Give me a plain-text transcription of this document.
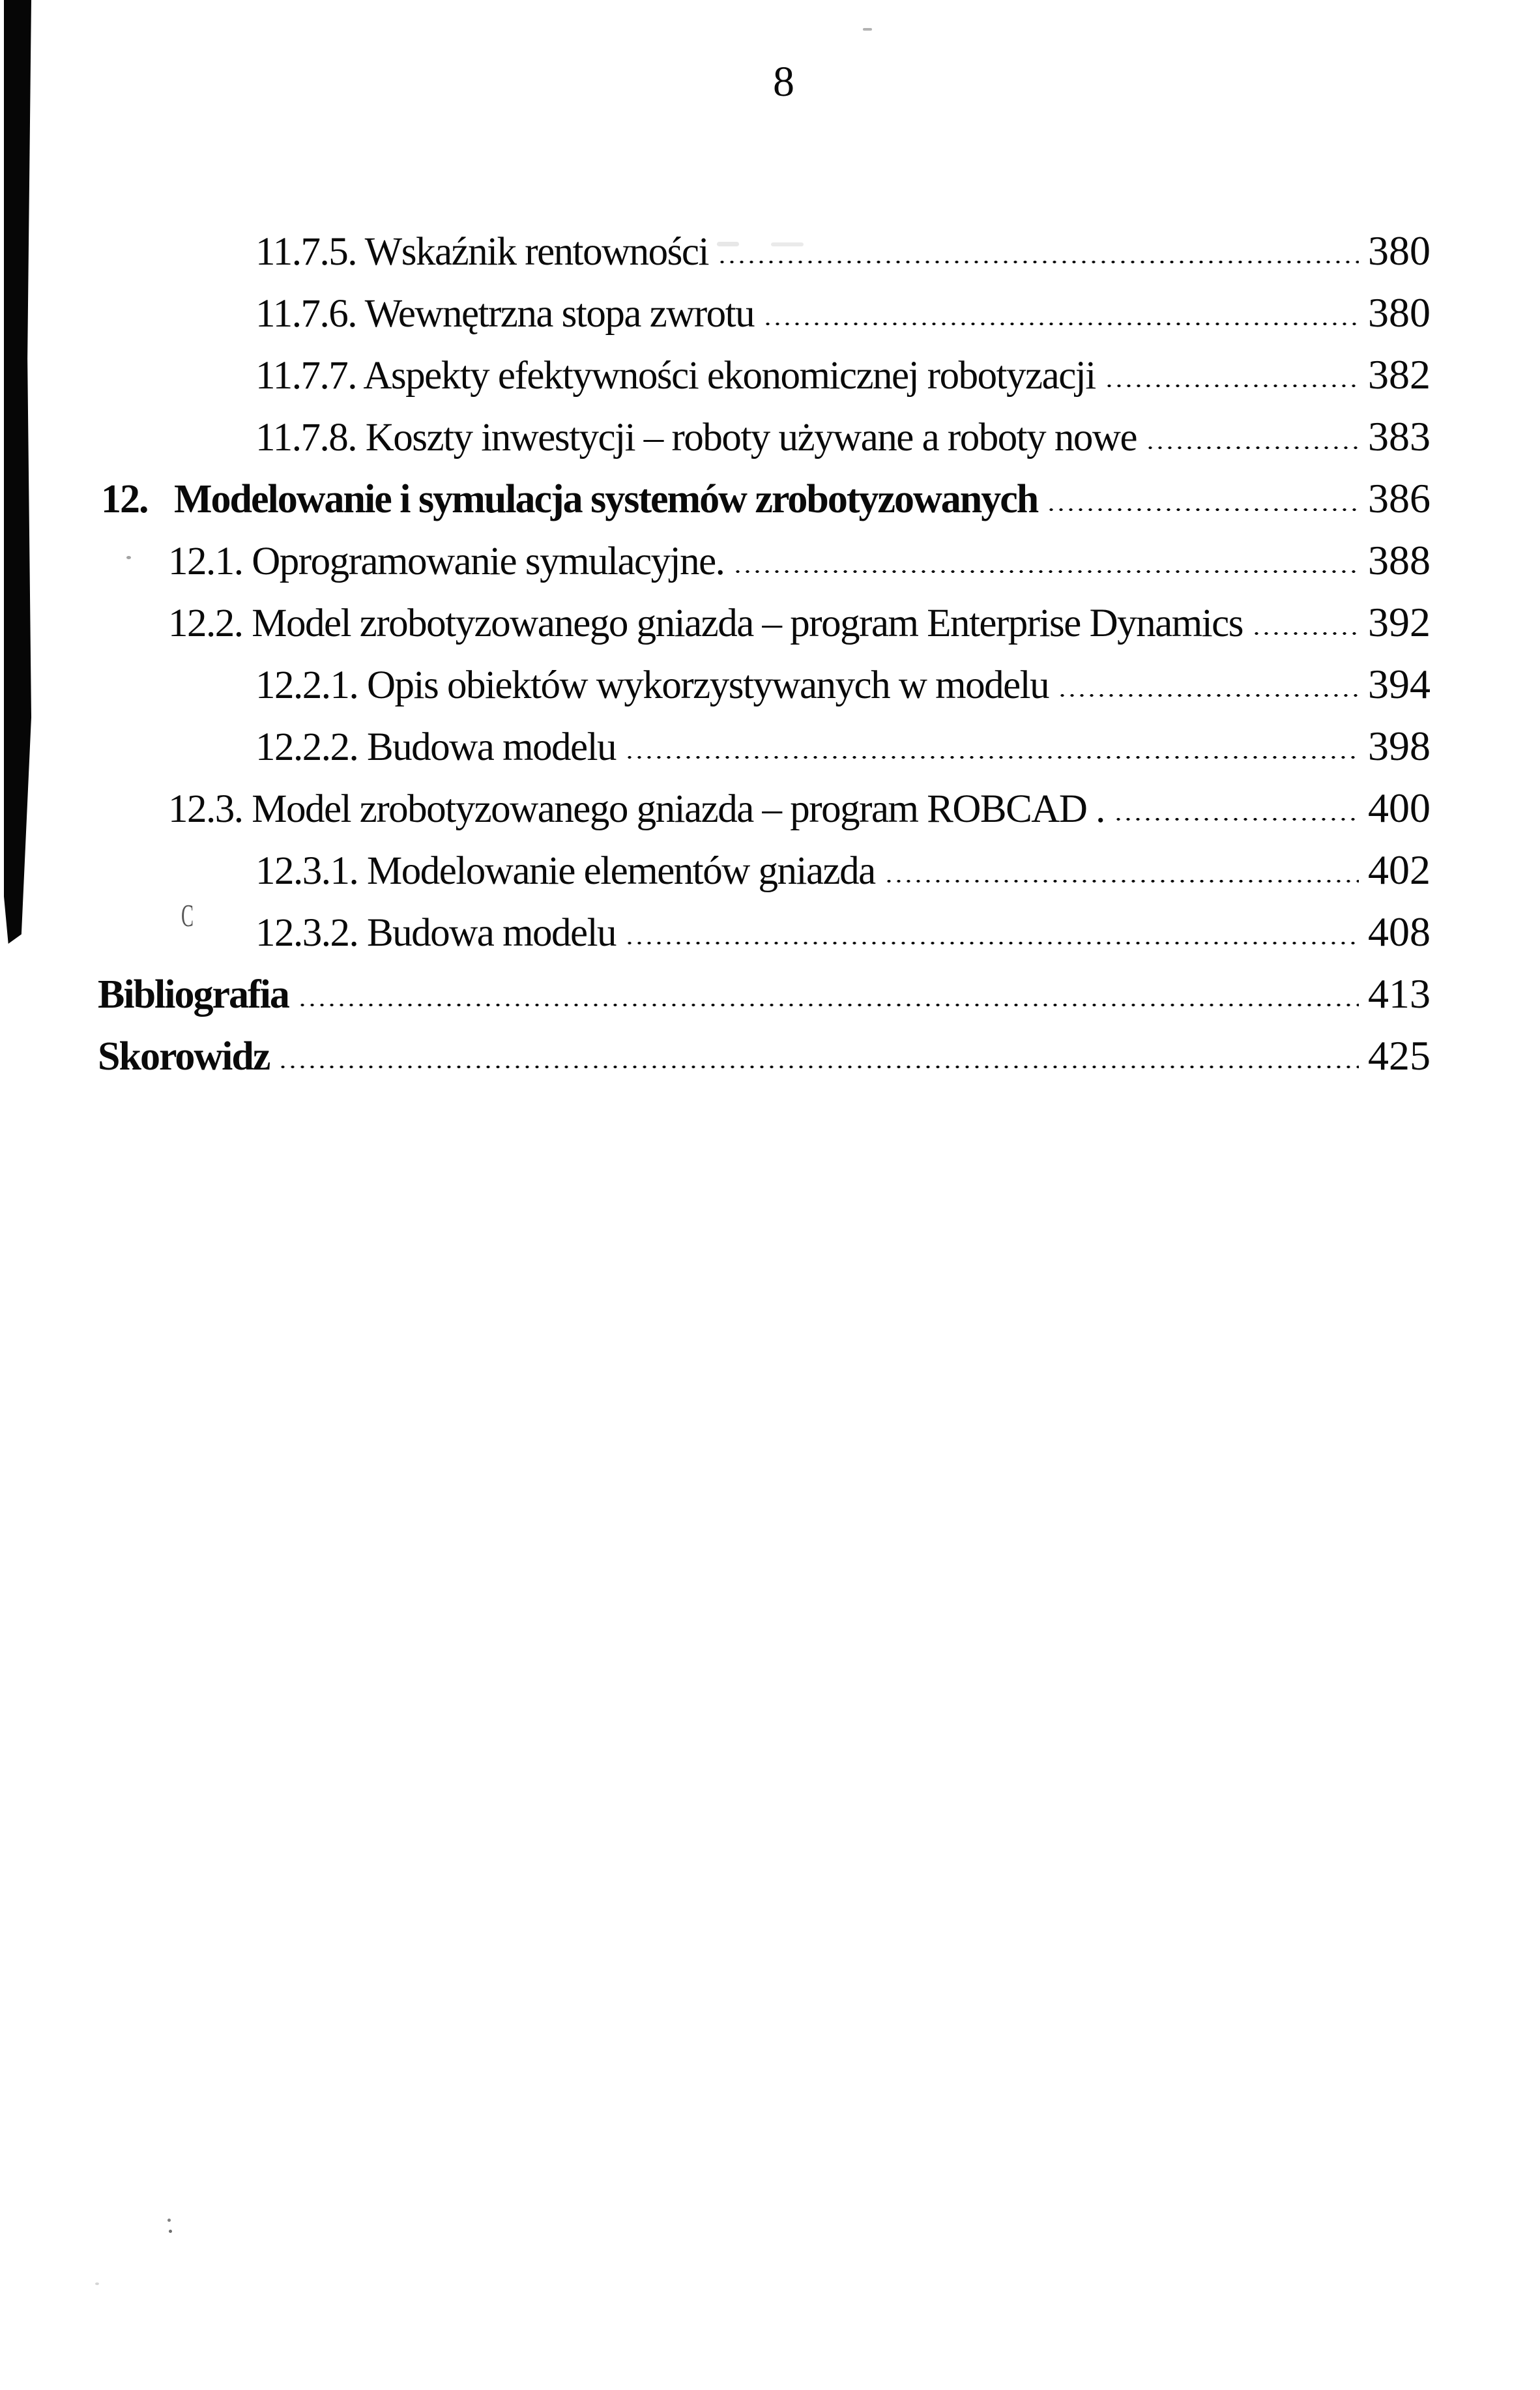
8
11.7.5. Wskaźnik rentowności	380
11.7.6. Wewnętrzna stopa zwrotu	380
11.7.7. Aspekty efektywności ekonomicznej robotyzacji	382
11.7.8. Koszty inwestycji – roboty używane a roboty nowe	383
12.   Modelowanie i symulacja systemów zrobotyzowanych	386
12.1. Oprogramowanie symulacyjne.	388
12.2. Model zrobotyzowanego gniazda – program Enterprise Dynamics	392
12.2.1. Opis obiektów wykorzystywanych w modelu	394
12.2.2. Budowa modelu	398
12.3. Model zrobotyzowanego gniazda – program ROBCAD .	400
12.3.1. Modelowanie elementów gniazda	402
12.3.2. Budowa modelu	408
Bibliografia	413
Skorowidz	425
C
